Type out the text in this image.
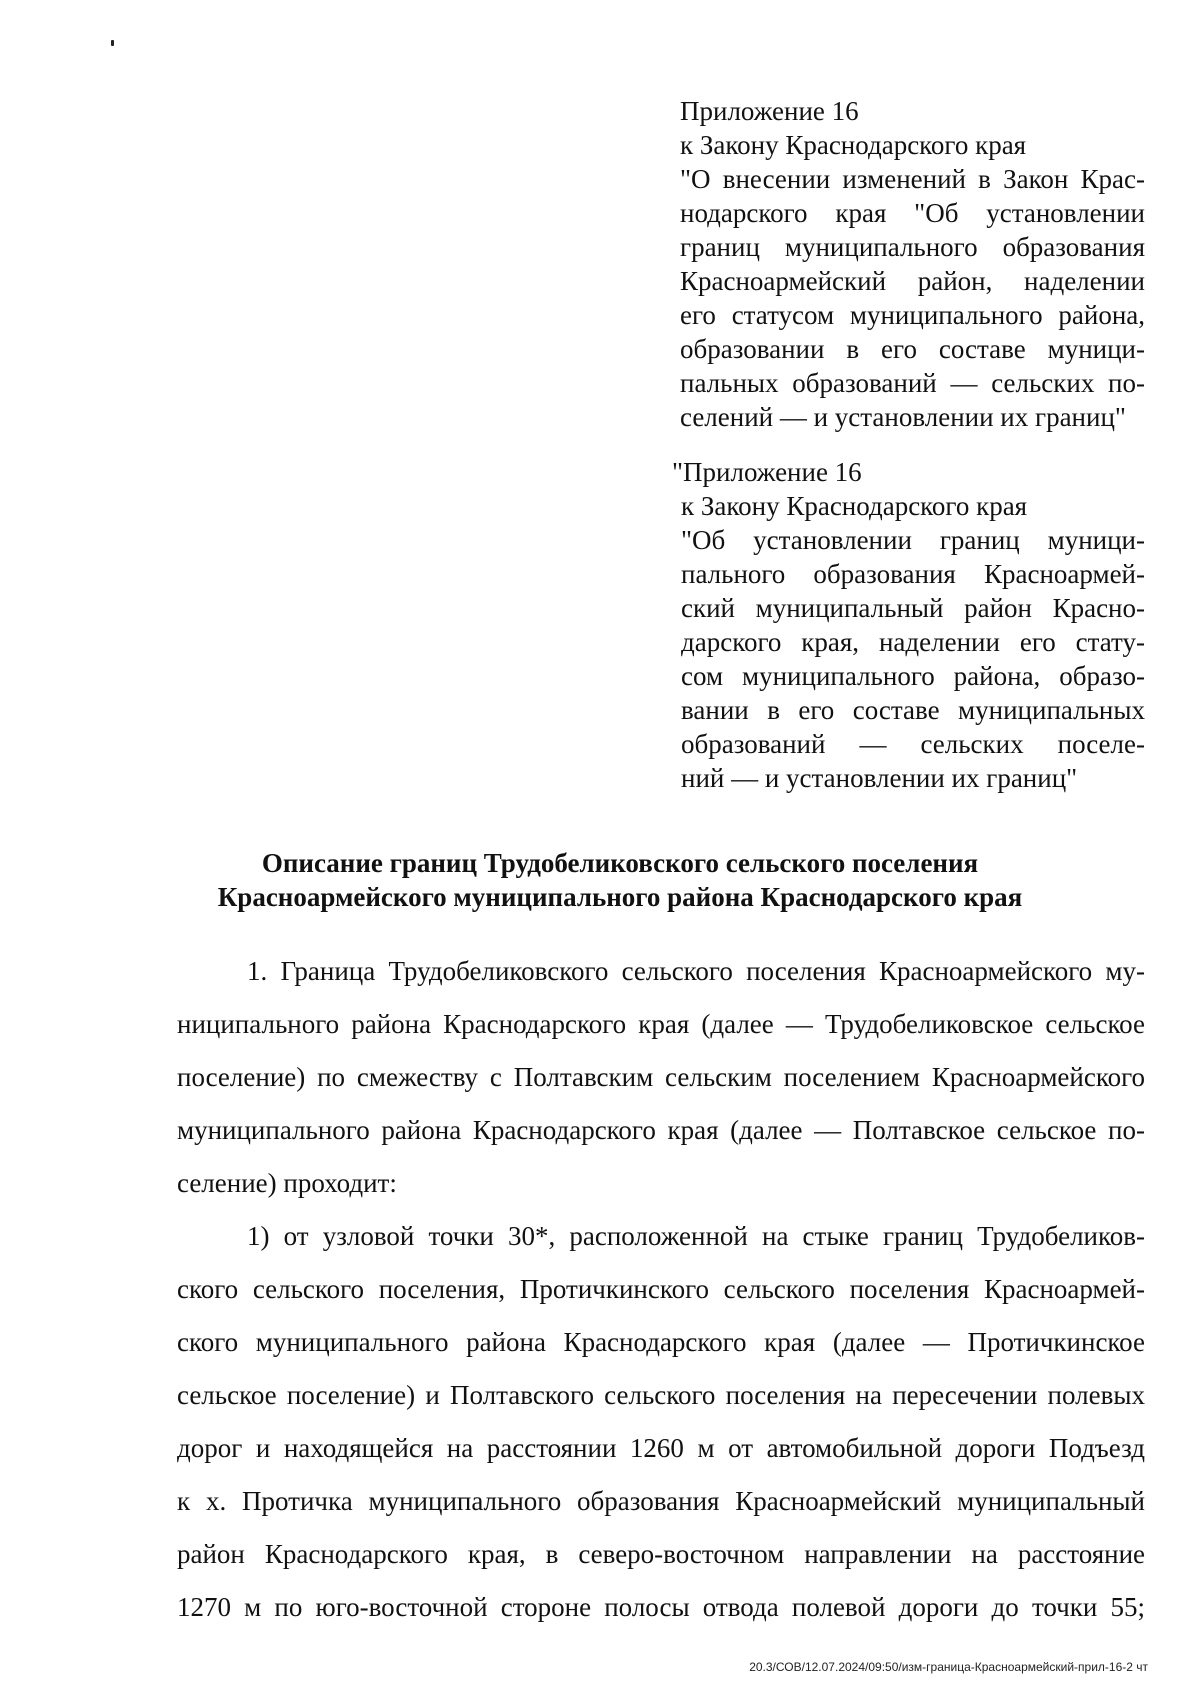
Приложение 16
к Закону Краснодарского края
"О внесении изменений в Закон Крас-
нодарского края "Об установлении
границ муниципального образования
Красноармейский район, наделении
его статусом муниципального района,
образовании в его составе муници-
пальных образований — сельских по-
селений — и установлении их границ"
"Приложение 16
к Закону Краснодарского края
"Об установлении границ муници-
пального образования Красноармей-
ский муниципальный район Красно-
дарского края, наделении его стату-
сом муниципального района, образо-
вании в его составе муниципальных
образований — сельских поселе-
ний — и установлении их границ"
Описание границ Трудобеликовского сельского поселения
Красноармейского муниципального района Краснодарского края
1. Граница Трудобеликовского сельского поселения Красноармейского му-
ниципального района Краснодарского края (далее — Трудобеликовское сельское
поселение) по смежеству с Полтавским сельским поселением Красноармейского
муниципального района Краснодарского края (далее — Полтавское сельское по-
селение) проходит:
1) от узловой точки 30*, расположенной на стыке границ Трудобеликов-
ского сельского поселения, Протичкинского сельского поселения Красноармей-
ского муниципального района Краснодарского края (далее — Протичкинское
сельское поселение) и Полтавского сельского поселения на пересечении полевых
дорог и находящейся на расстоянии 1260 м от автомобильной дороги Подъезд
к х. Протичка муниципального образования Красноармейский муниципальный
район Краснодарского края, в северо-восточном направлении на расстояние
1270 м по юго-восточной стороне полосы отвода полевой дороги до точки 55;
20.3/СОВ/12.07.2024/09:50/изм-граница-Красноармейский-прил-16-2 чт
